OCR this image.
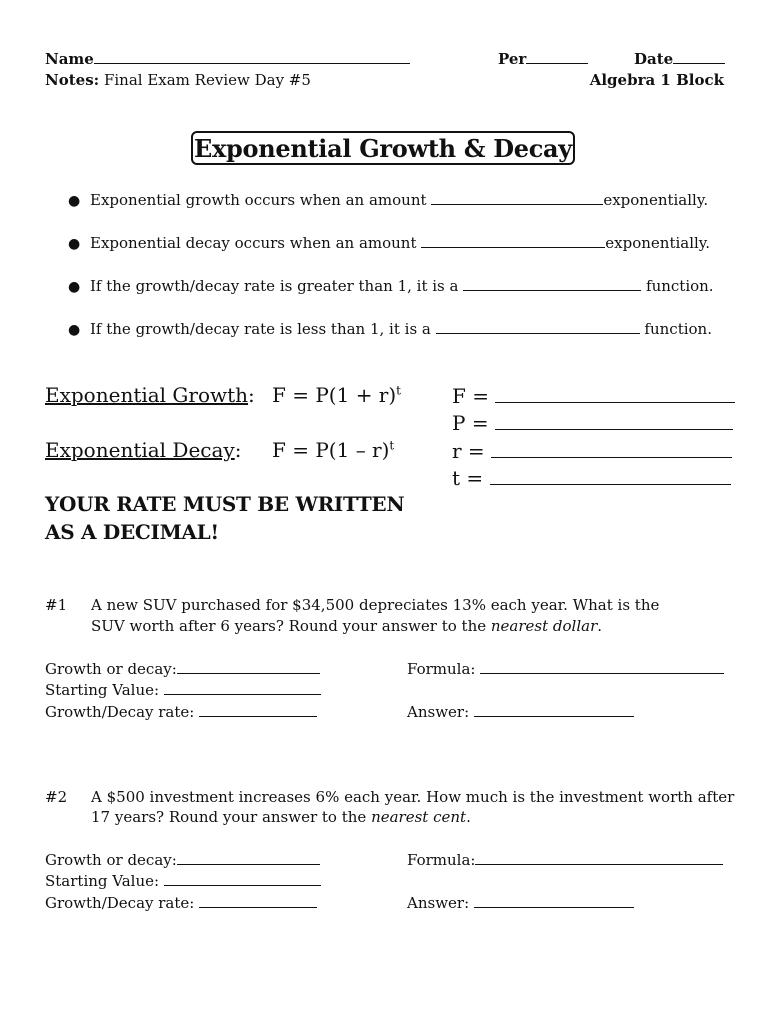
Name	Per	Date
Notes: Final Exam Review Day #5	Algebra 1 Block
Exponential Growth & Decay
● Exponential growth occurs when an amount	exponentially.
● Exponential decay occurs when an amount	exponentially.
● If the growth/decay rate is greater than 1, it is a	function.
● If the growth/decay rate is less than 1, it is a	function.
Exponential Growth: $F = P(1 + r)^t$
Exponential Decay: F = P(1 – r)$^t$
F =
P =
r =
t =
YOUR RATE MUST BE WRITTEN
AS A DECIMAL!
#1 A new SUV purchased for $34,500 depreciates 13% each year. What is the
SUV worth after 6 years? Round your answer to the nearest dollar.
Growth or decay:
Starting Value:
Growth/Decay rate:
Formula:
Answer:
#2 A $500 investment increases 6% each year. How much is the investment worth after
17 years? Round your answer to the nearest cent.
Growth or decay:
Starting Value:
Growth/Decay rate:
Formula:
Answer:
